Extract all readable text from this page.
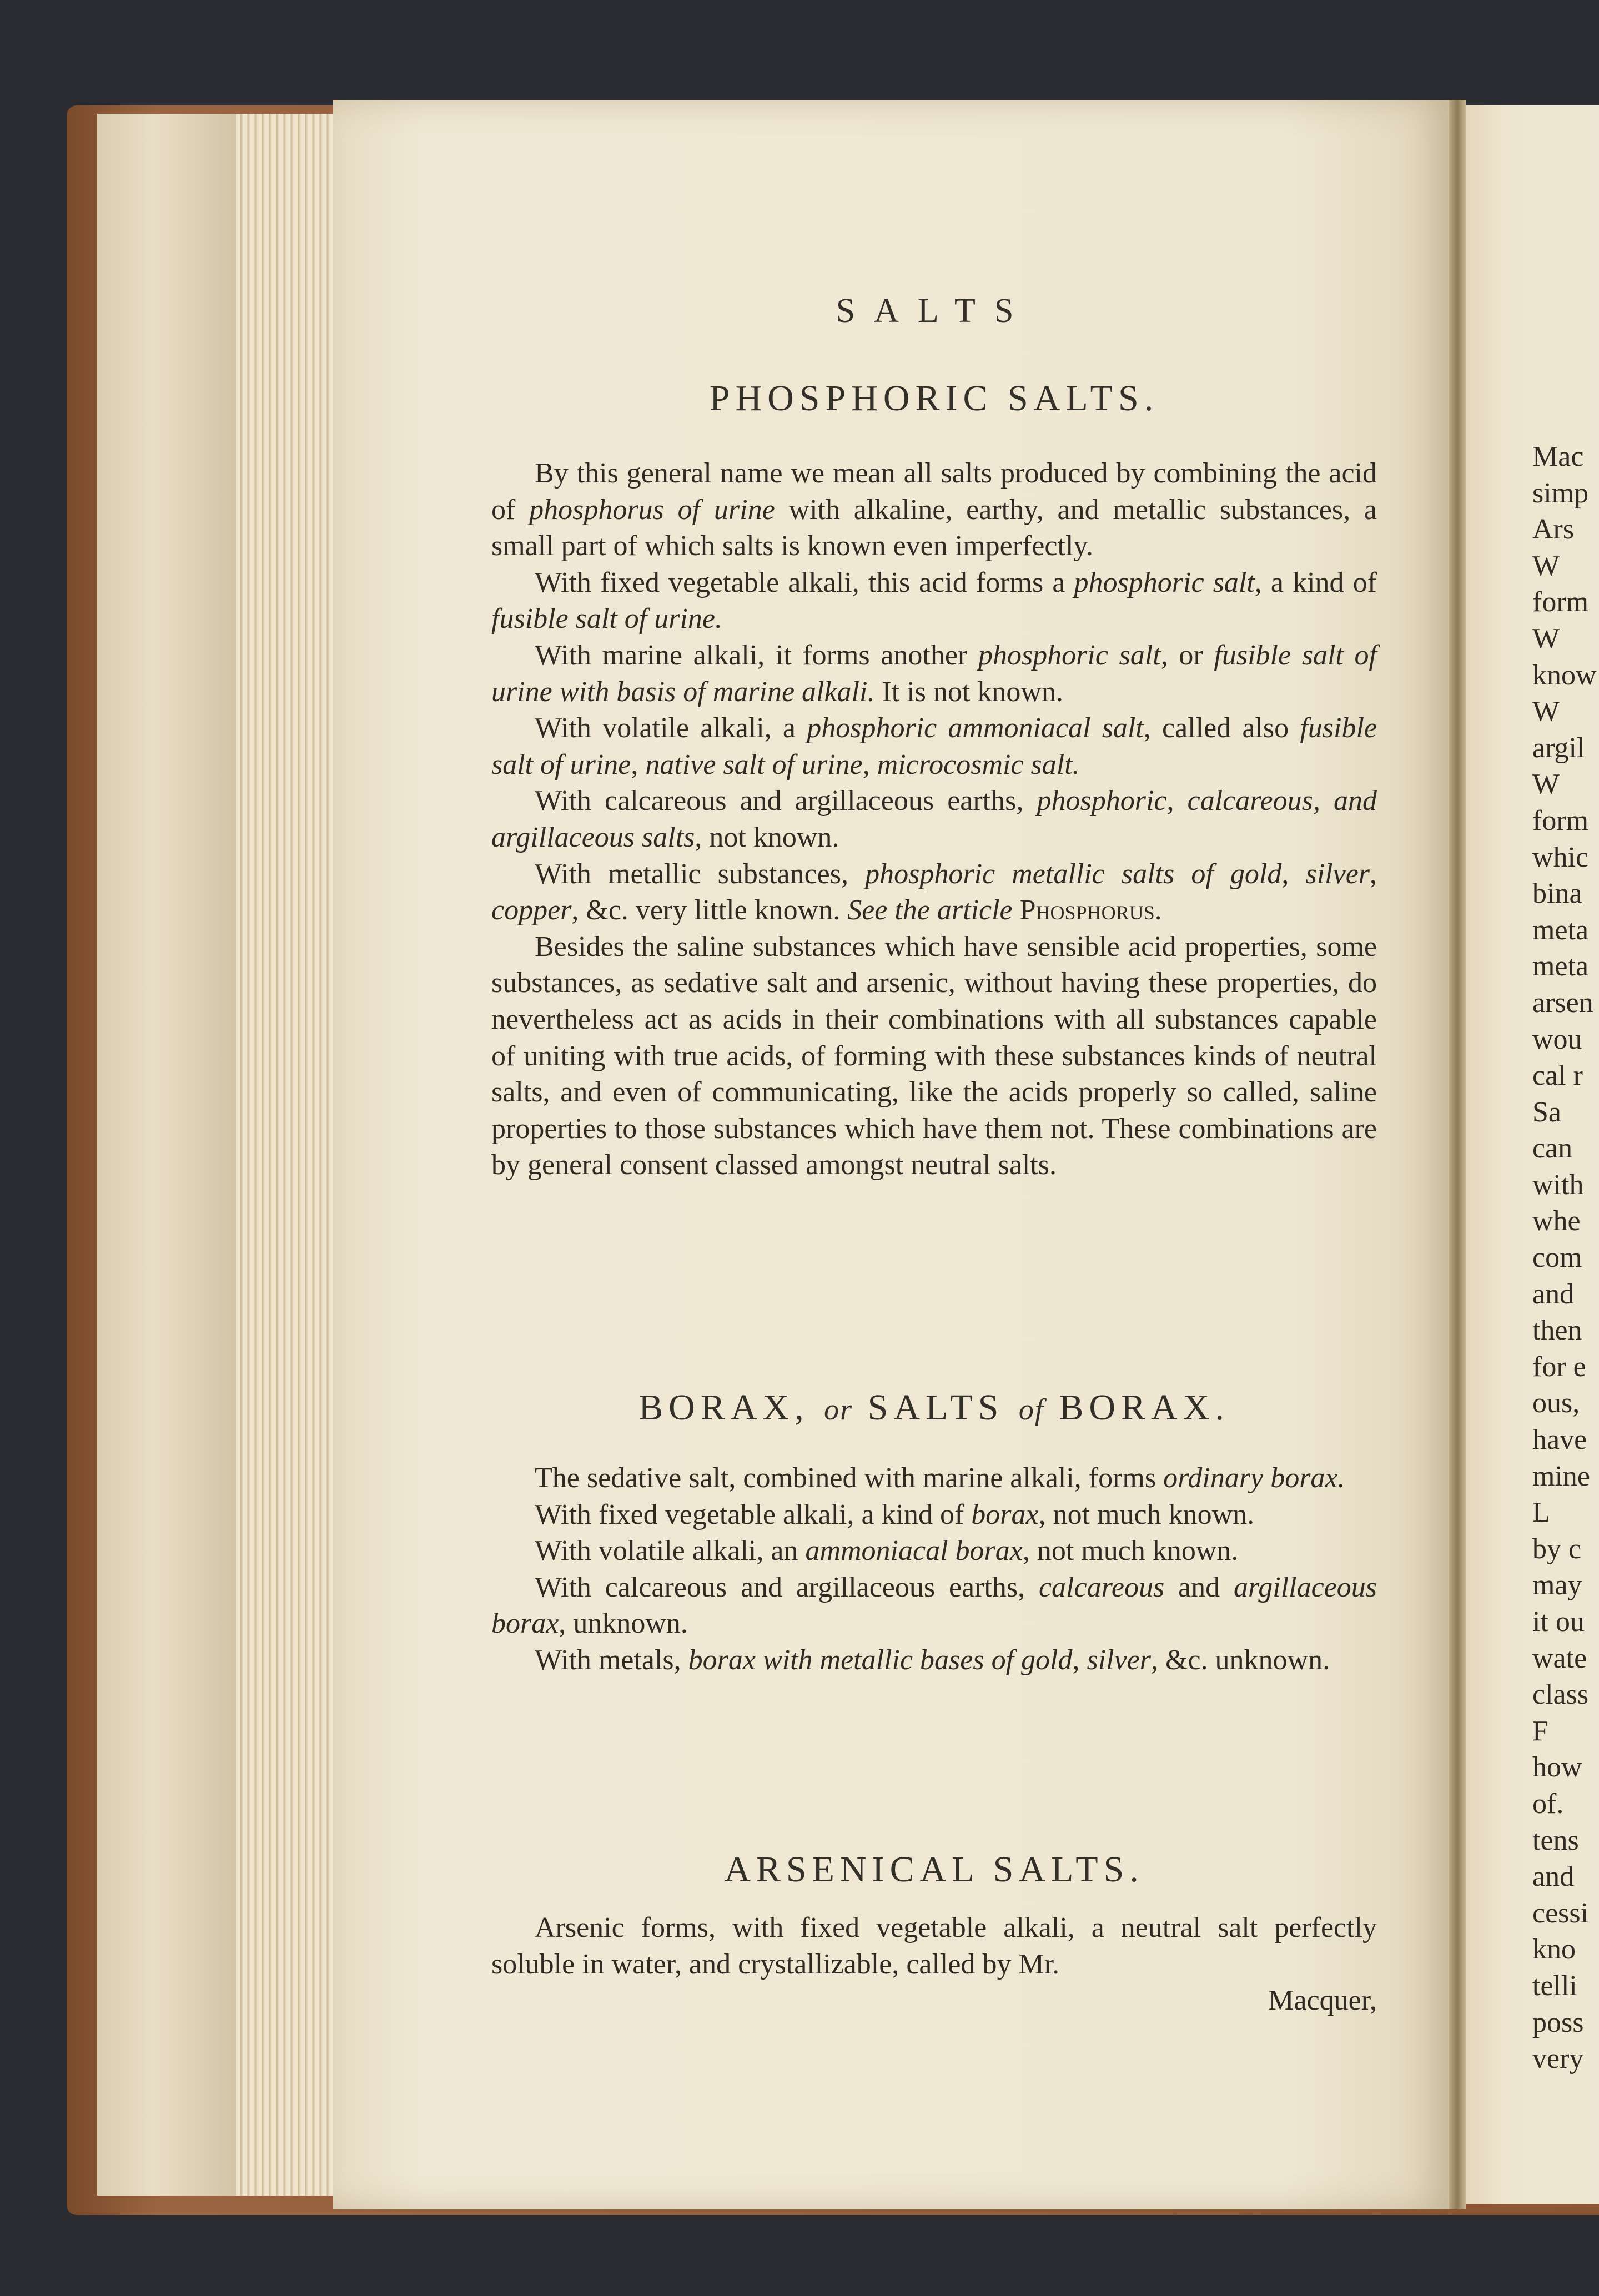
SALTS
PHOSPHORIC SALTS.

By this general name we mean all salts produced by combining the acid of phosphorus of urine with alkaline, earthy, and metallic substances, a small part of which salts is known even imperfectly.

With fixed vegetable alkali, this acid forms a phosphoric salt, a kind of fusible salt of urine.

With marine alkali, it forms another phosphoric salt, or fusible salt of urine with basis of marine alkali. It is not known.

With volatile alkali, a phosphoric ammoniacal salt, called also fusible salt of urine, native salt of urine, microcosmic salt.

With calcareous and argillaceous earths, phosphoric, calcareous, and argillaceous salts, not known.

With metallic substances, phosphoric metallic salts of gold, silver, copper, &c. very little known. See the article Phosphorus.

Besides the saline substances which have sensible acid properties, some substances, as sedative salt and arsenic, without having these properties, do nevertheless act as acids in their combinations with all substances capable of uniting with true acids, of forming with these substances kinds of neutral salts, and even of communicating, like the acids properly so called, saline properties to those substances which have them not. These combinations are by general consent classed amongst neutral salts.

BORAX, or SALTS of BORAX.

The sedative salt, combined with marine alkali, forms ordinary borax.

With fixed vegetable alkali, a kind of borax, not much known.

With volatile alkali, an ammoniacal borax, not much known.

With calcareous and argillaceous earths, calcareous and argillaceous borax, unknown.

With metals, borax with metallic bases of gold, silver, &c. unknown.

ARSENICAL SALTS.

Arsenic forms, with fixed vegetable alkali, a neutral salt perfectly soluble in water, and crystallizable, called by Mr.

Macquer,

Mac
simp
Ars
W
form
W
know
W
argil
W
form
whic
bina
meta
meta
arsen
wou
cal r
Sa
can
with
whe
com
and
then
for e
ous,
have
mine
L
by c
may
it ou
wate
class
F
how
of.
tens
and
cessi
kno
telli
poss
very
